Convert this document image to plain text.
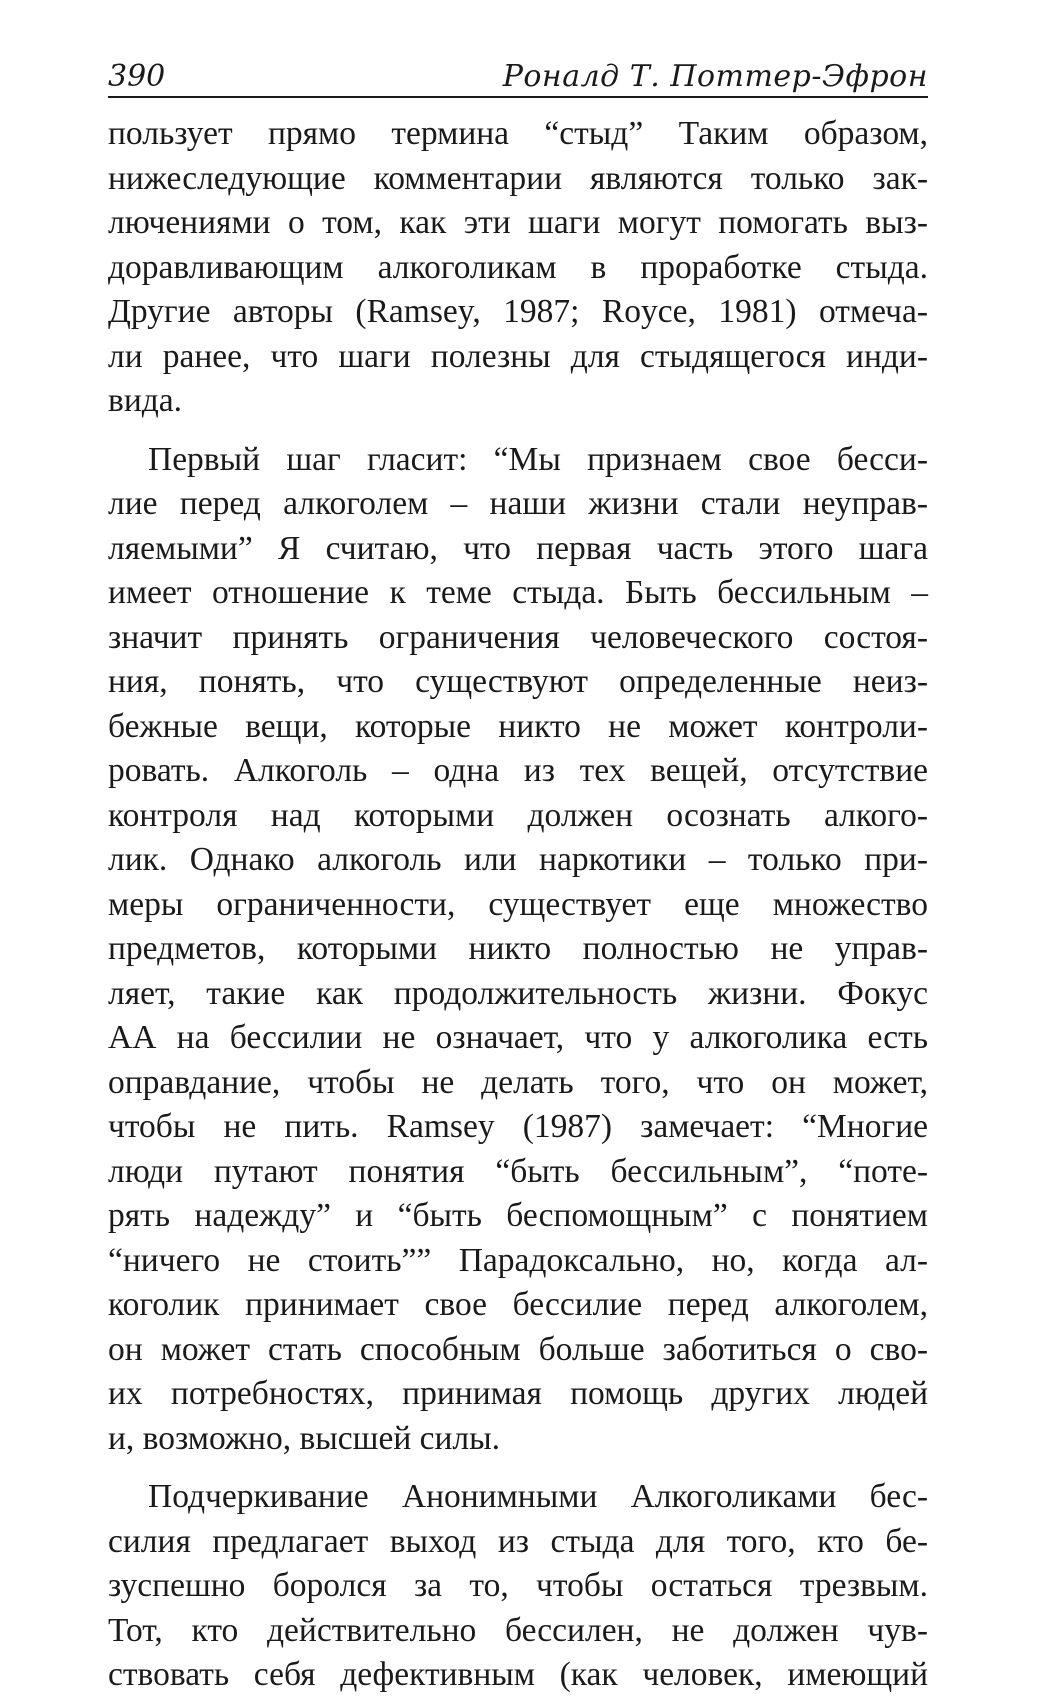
390	Роналд Т. Поттер-Эфрон
пользует прямо термина “стыд” Таким образом,
нижеследующие комментарии являются только зак-
лючениями о том, как эти шаги могут помогать выз-
доравливающим алкоголикам в проработке стыда.
Другие авторы (Ramsey, 1987; Royce, 1981) отмеча-
ли ранее, что шаги полезны для стыдящегося инди-
вида.
Первый шаг гласит: “Мы признаем свое бесси-
лие перед алкоголем – наши жизни стали неуправ-
ляемыми” Я считаю, что первая часть этого шага
имеет отношение к теме стыда. Быть бессильным –
значит принять ограничения человеческого состоя-
ния, понять, что существуют определенные неиз-
бежные вещи, которые никто не может контроли-
ровать. Алкоголь – одна из тех вещей, отсутствие
контроля над которыми должен осознать алкого-
лик. Однако алкоголь или наркотики – только при-
меры ограниченности, существует еще множество
предметов, которыми никто полностью не управ-
ляет, такие как продолжительность жизни. Фокус
АА на бессилии не означает, что у алкоголика есть
оправдание, чтобы не делать того, что он может,
чтобы не пить. Ramsey (1987) замечает: “Многие
люди путают понятия “быть бессильным”, “поте-
рять надежду” и “быть беспомощным” с понятием
“ничего не стоить”” Парадоксально, но, когда ал-
коголик принимает свое бессилие перед алкоголем,
он может стать способным больше заботиться о сво-
их потребностях, принимая помощь других людей
и, возможно, высшей силы.
Подчеркивание Анонимными Алкоголиками бес-
силия предлагает выход из стыда для того, кто бе-
зуспешно боролся за то, чтобы остаться трезвым.
Тот, кто действительно бессилен, не должен чув-
ствовать себя дефективным (как человек, имеющий
